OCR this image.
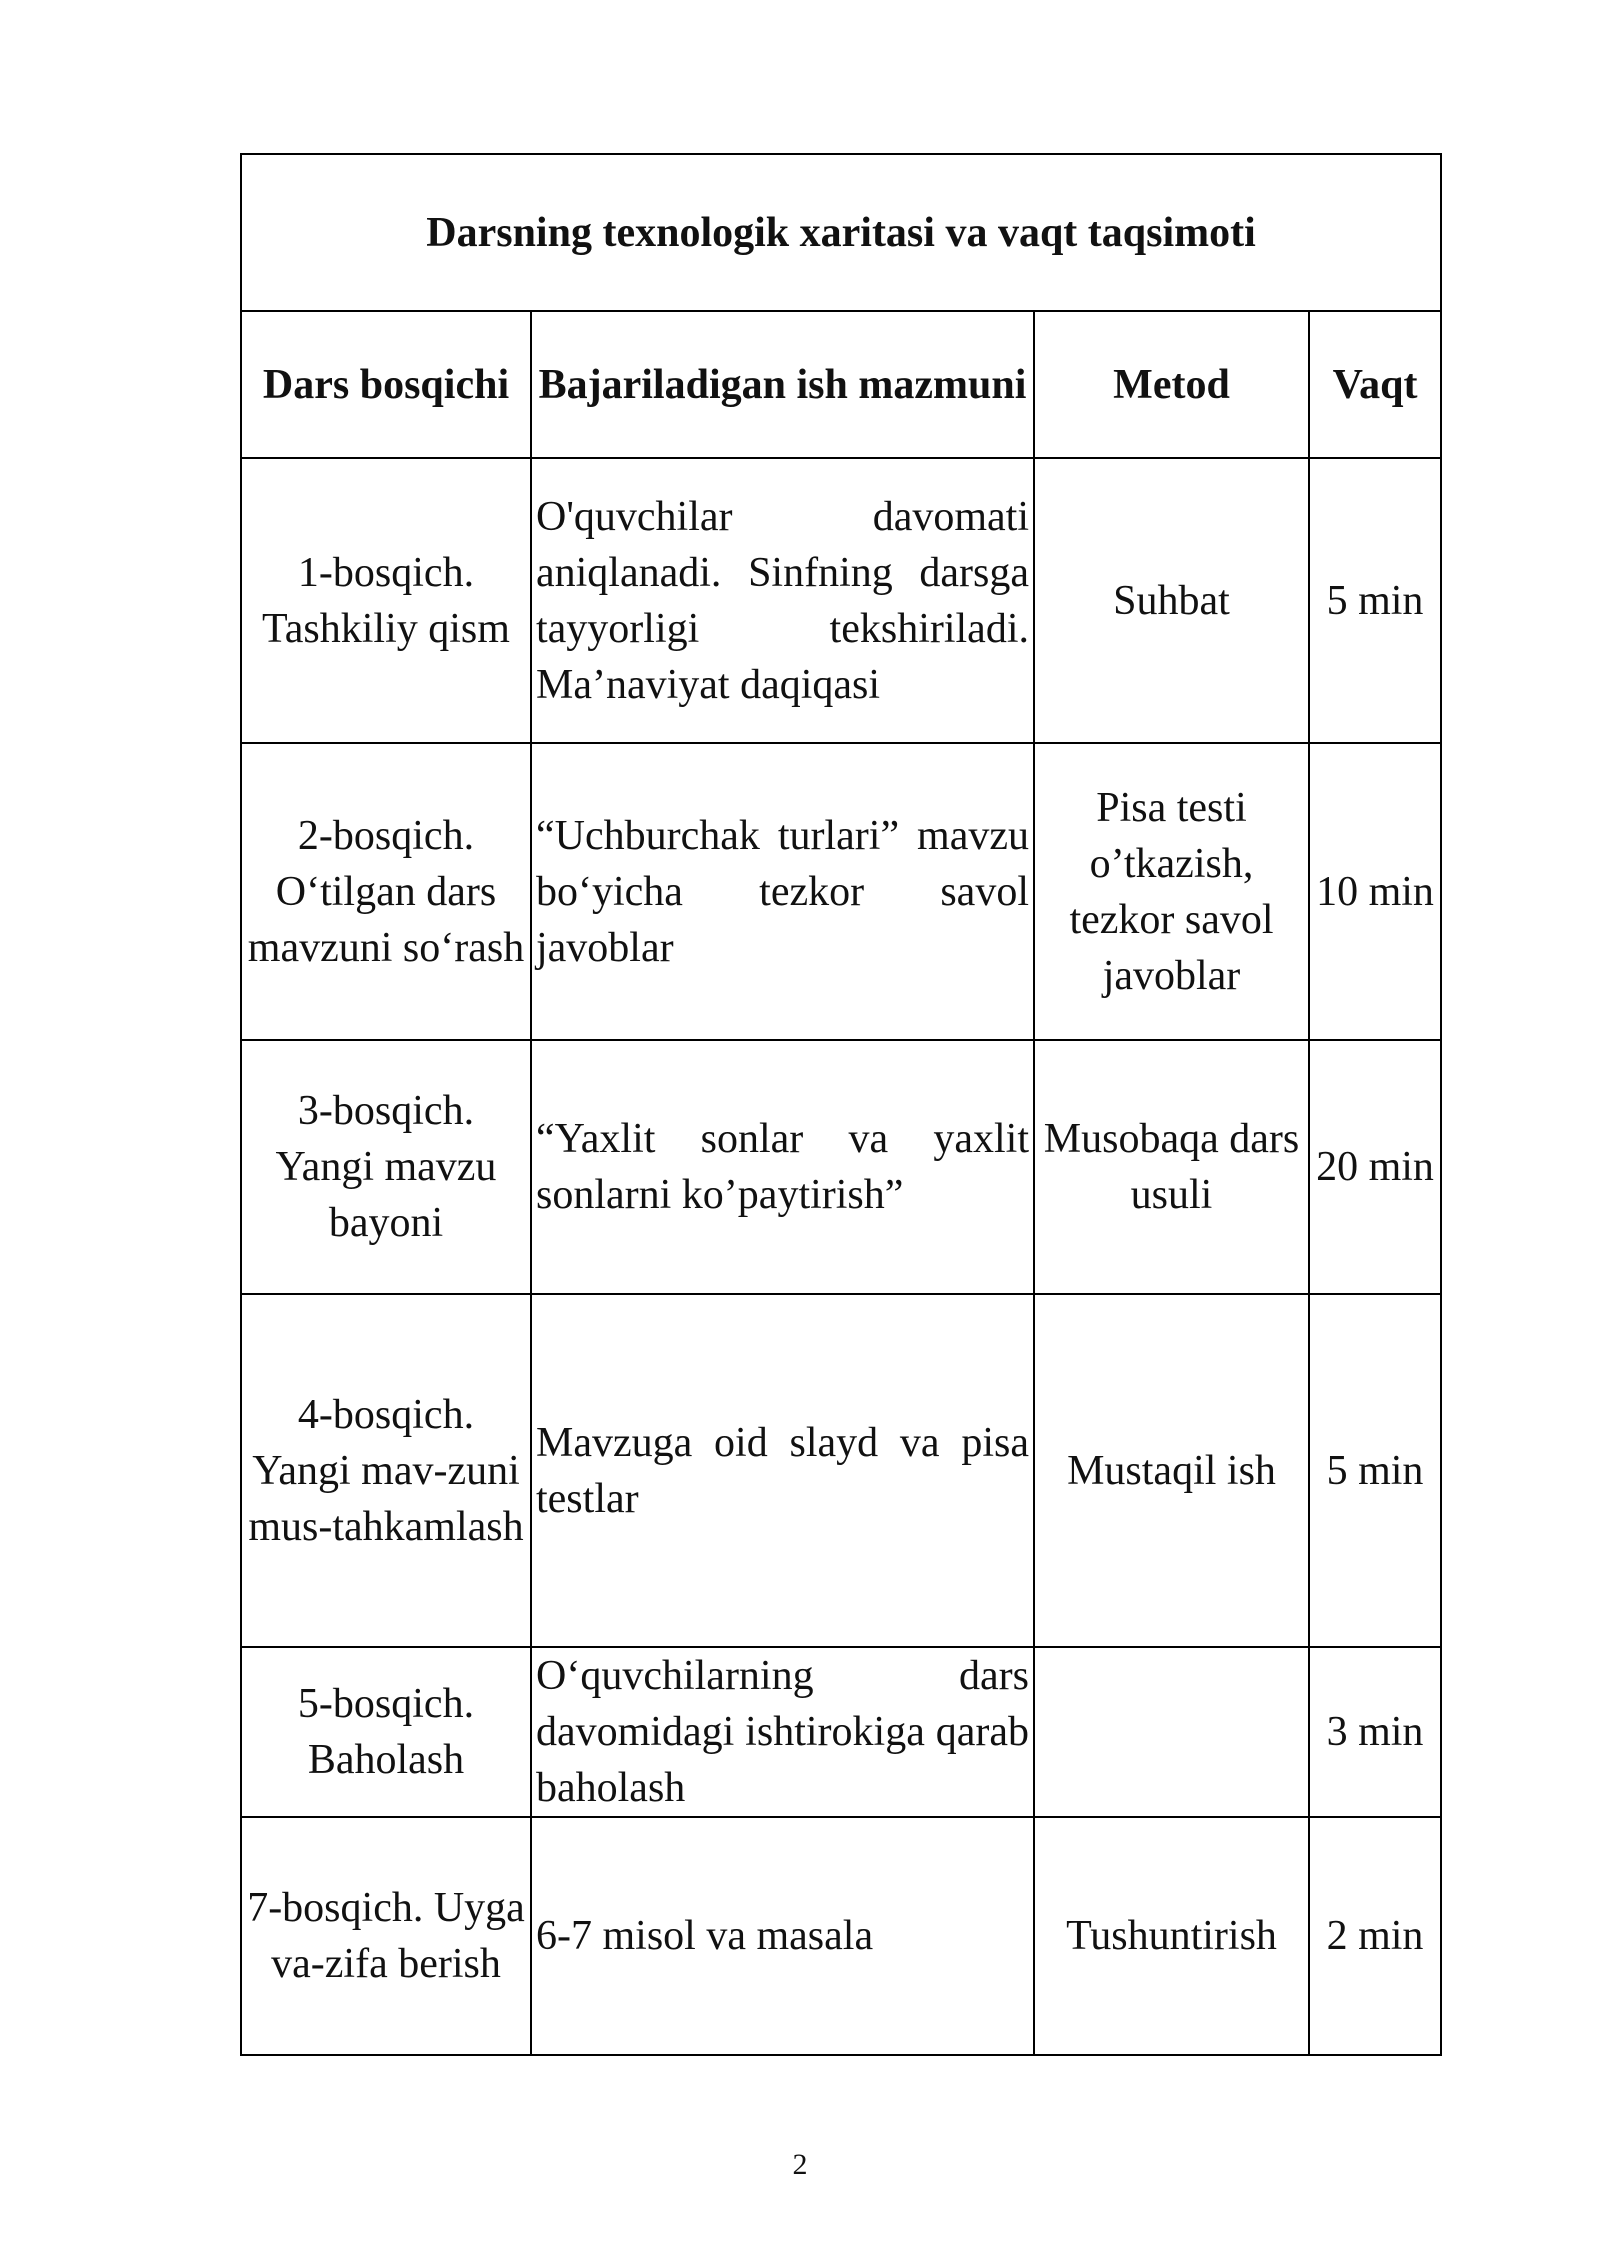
Darsning texnologik xaritasi va vaqt taqsimoti			
Dars bosqichi	Bajariladigan ish mazmuni	Metod	Vaqt
1-bosqich. Tashkiliy qism	O'quvchilar davomati aniqlanadi. Sinfning darsga tayyorligi tekshiriladi. Ma’naviyat daqiqasi	Suhbat	5 min
2-bosqich. O‘tilgan dars mavzuni so‘rash	“Uchburchak turlari” mavzu bo‘yicha tezkor savol javoblar	Pisa testi o’tkazish, tezkor savol javoblar	10 min
3-bosqich. Yangi mavzu bayoni	“Yaxlit sonlar va yaxlit sonlarni ko’paytirish”	Musobaqa dars usuli	20 min
4-bosqich. Yangi mav-zuni mus-tahkamlash	Mavzuga oid slayd va pisa testlar	Mustaqil ish	5 min
5-bosqich. Baholash	O‘quvchilarning dars davomidagi ishtirokiga qarab baholash		3 min
7-bosqich. Uyga va-zifa berish	6-7 misol va masala	Tushuntirish	2 min
2
